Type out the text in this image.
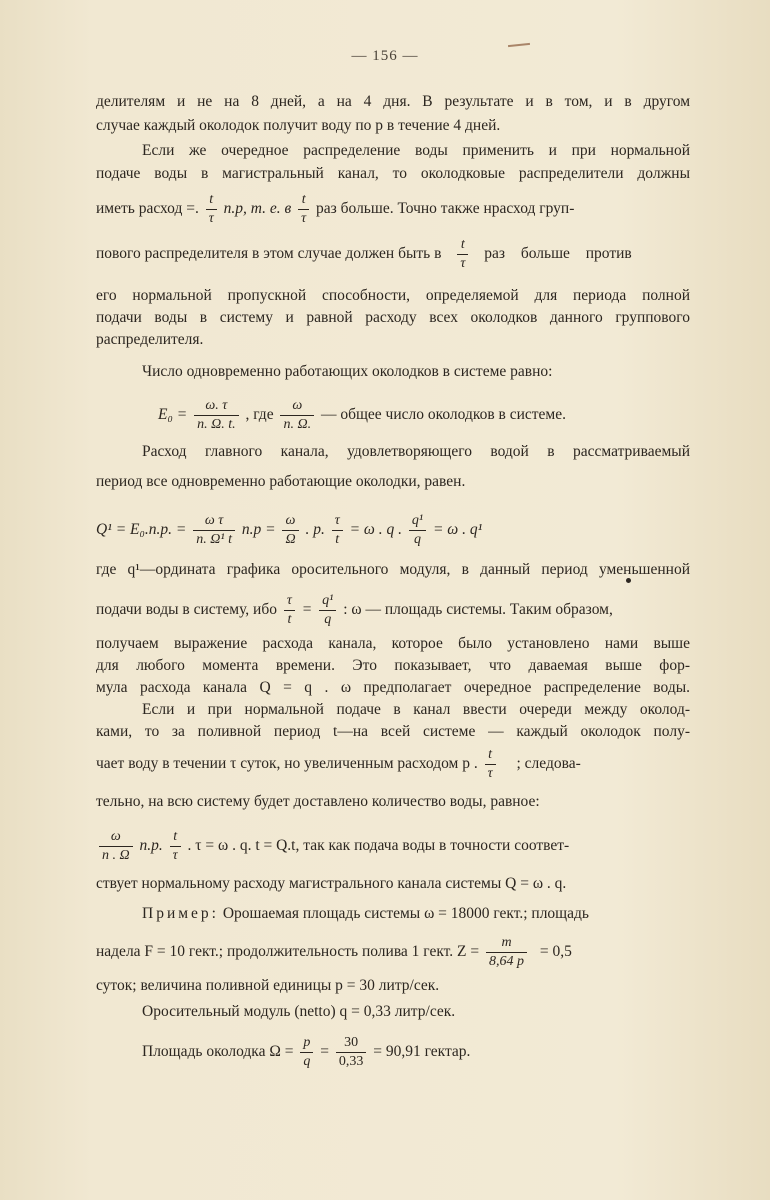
— 156 —
делителям и не на 8 дней, а на 4 дня. В результате и в том, и в другом
случае каждый околодок получит воду по p в течение 4 дней.
Если же очередное распределение воды применить и при нормальной
подаче воды в магистральный канал, то околодковые распределители должны
иметь расход =. $\frac{t}{\tau} n.p$, т. е. в $\frac{t}{\tau}$ раз больше. Точно также нрасход груп-
пового распределителя в этом случае должен быть в $\frac{t}{\tau}$ раз больше против
его нормальной пропускной способности, определяемой для периода полной
подачи воды в систему и равной расходу всех околодков данного группового
распределителя.
Число одновременно работающих околодков в системе равно:
$E_0 = \frac{\omega. \tau}{n. \Omega. t.}$ , где $\frac{\omega}{n. \Omega.}$ — общее число околодков в системе.
Расход главного канала, удовлетворяющего водой в рассматриваемый
период все одновременно работающие околодки, равен.
Q¹ = E₀.n.p. = $\frac{\text{ω τ}}{\text{n. Ω¹ t}} n.p = \frac{\omega}{\Omega}$ . p. $\frac{\tau}{t} = \omega$ . q . $\frac{\text{q¹}}{q} = \omega$ . q¹
где q¹—ордината графика оросительного модуля, в данный период уменьшенной
подачи воды в систему, ибо $\frac{\tau}{t} = \frac{\text{q¹}}{q}$ : ω — площадь системы. Таким образом,
получаем выражение расхода канала, которое было установлено нами выше
для любого момента времени. Это показывает, что даваемая выше фор-
мула расхода канала Q = q . ω предполагает очередное распределение воды.
Если и при нормальной подаче в канал ввести очереди между околод-
ками, то за поливной период t—на всей системе — каждый околодок полу-
чает воду в течении τ суток, но увеличенным расходом p . $\frac{t}{\tau}$ ; следова-
тельно, на всю систему будет доставлено количество воды, равное:
$\frac{\omega}{n . \Omega} n.p$. $\frac{t}{\tau}$ . τ = ω . q. t = Q.t, так как подача воды в точности соответ-
ствует нормальному расходу магистрального канала системы Q = ω . q.
Пример: Орошаемая площадь системы ω = 18000 гект.; площадь
надела F = 10 гект.; продолжительность полива 1 гект. $Z = \frac{m}{8,64 p} = 0,5$
суток; величина поливной единицы p = 30 литр/сек.
Оросительный модуль (netto) q = 0,33 литр/сек.
Площадь околодка $\Omega = \frac{p}{q} = \frac{30}{0,33} = 90,91$ гектар.
